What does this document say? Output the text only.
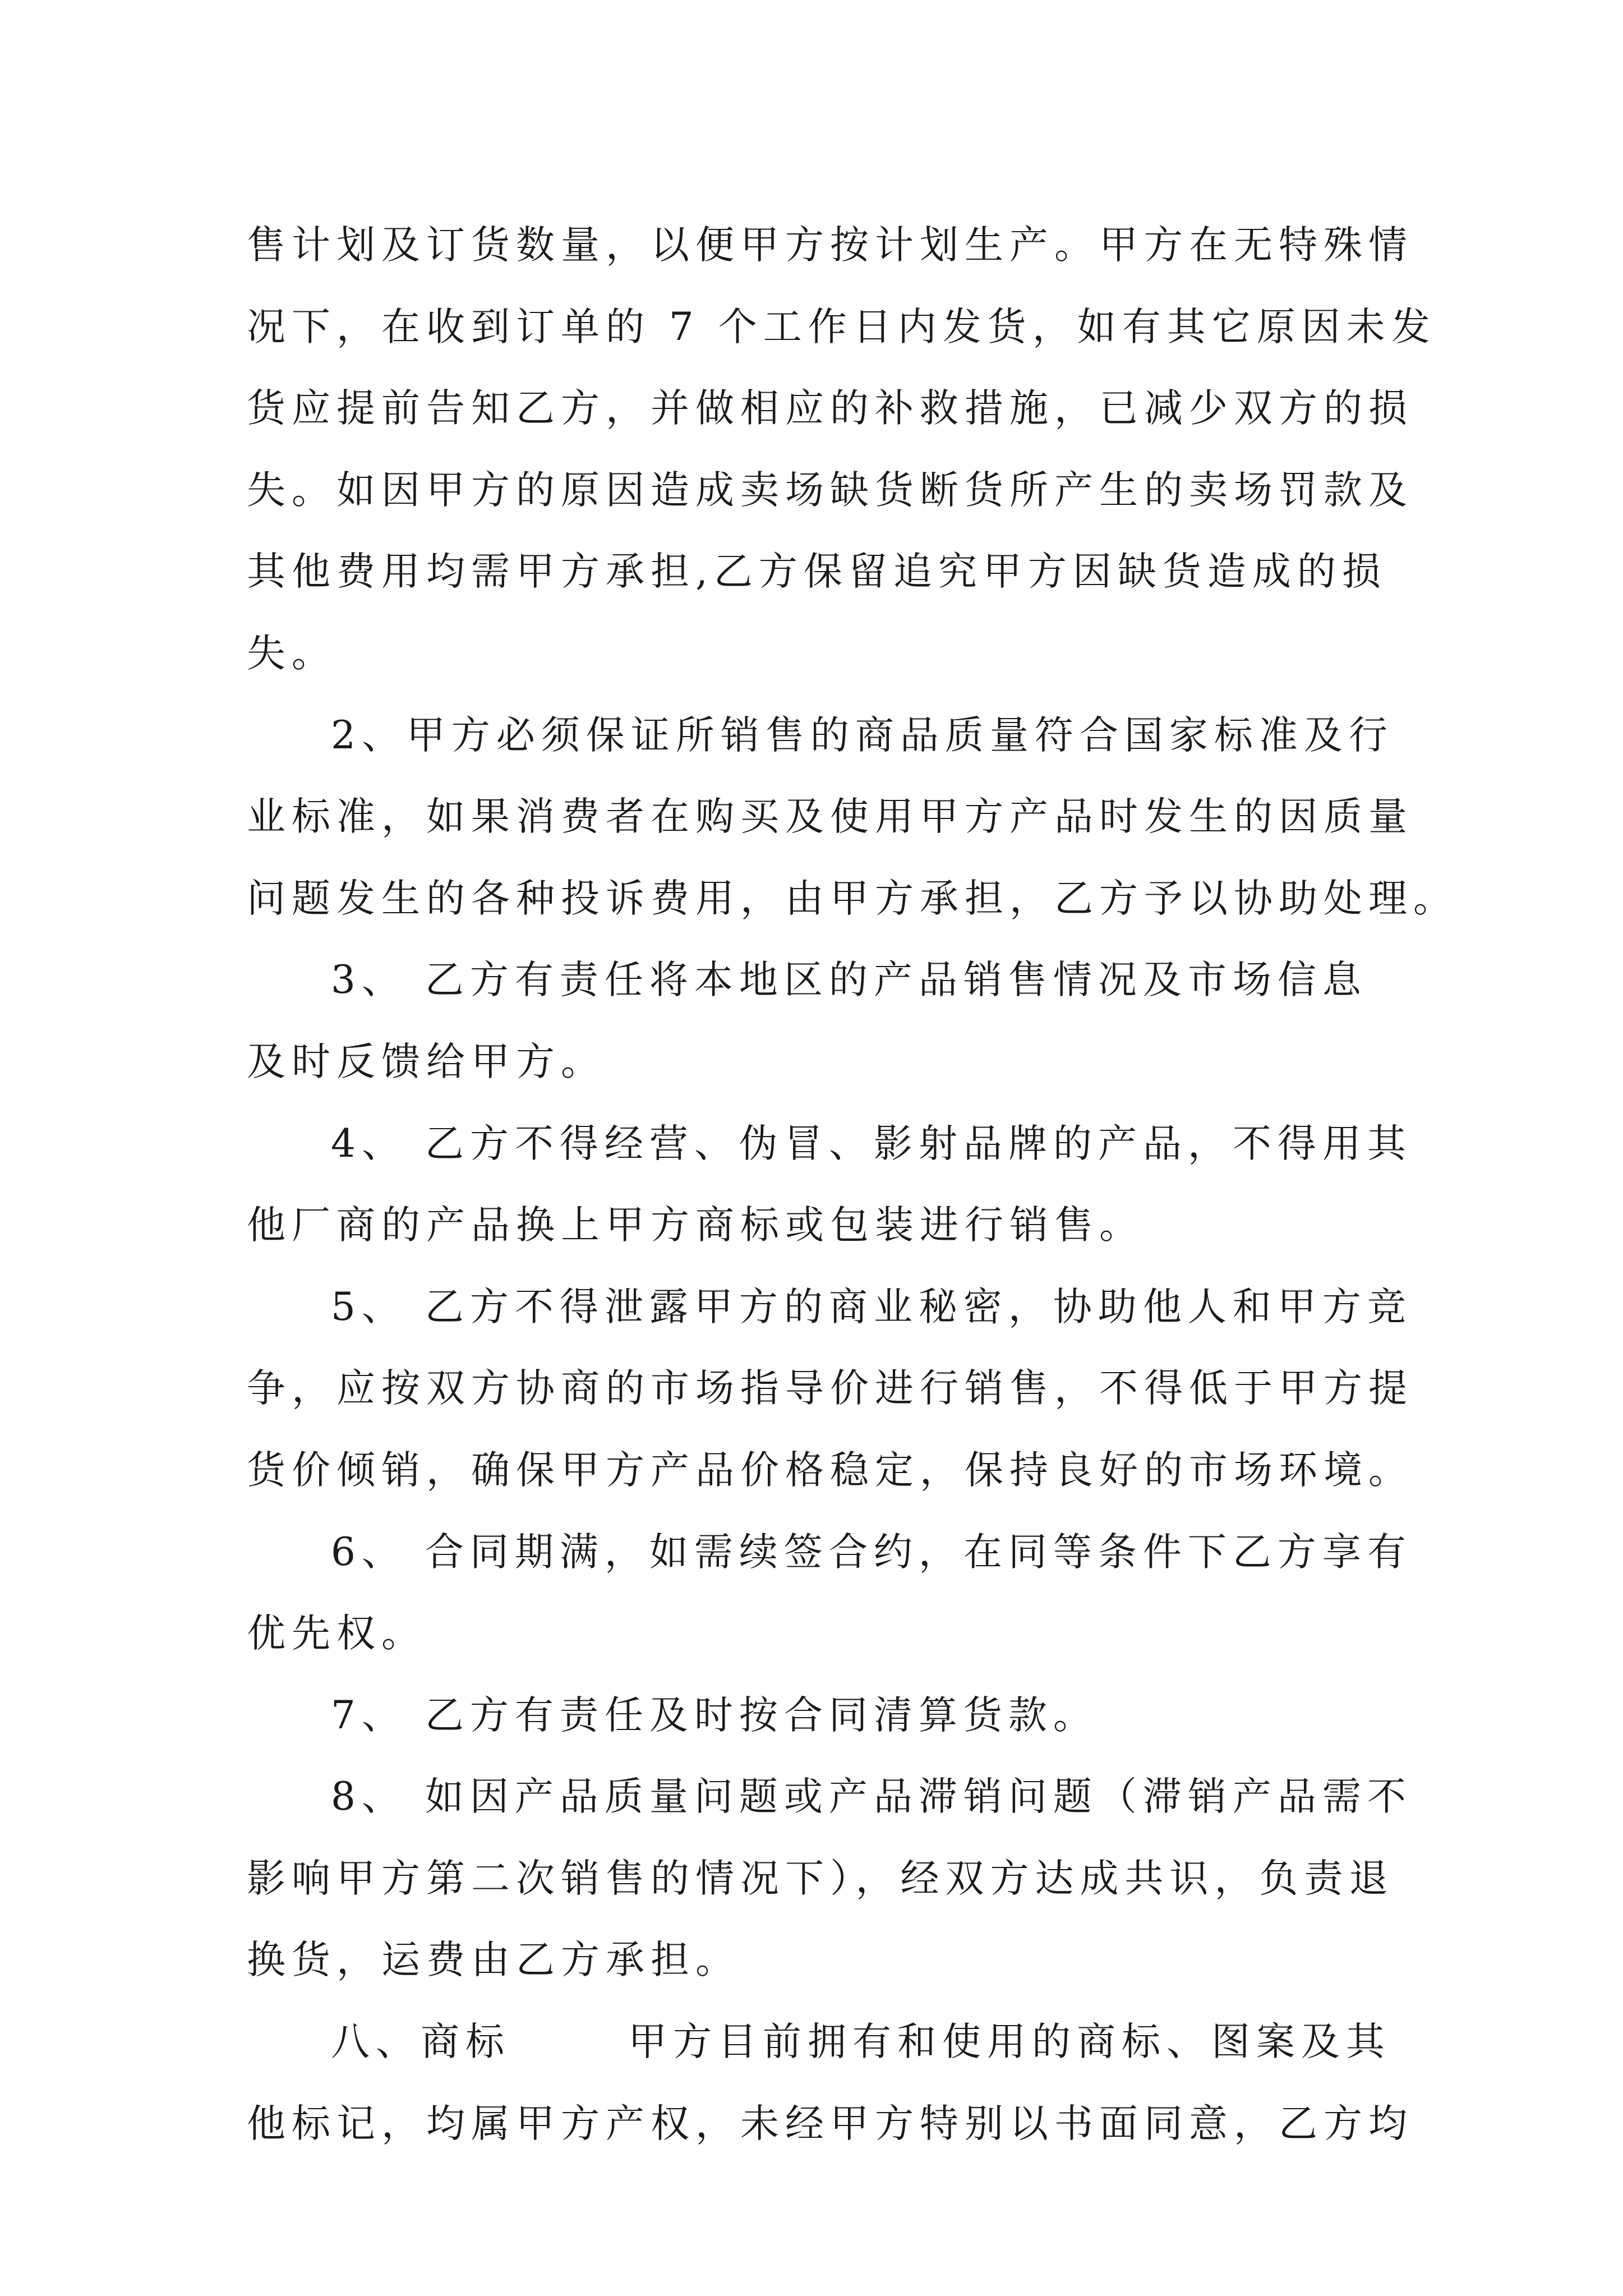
售计划及订货数量，以便甲方按计划生产。甲方在无特殊情
况下，在收到订单的 7 个工作日内发货，如有其它原因未发
货应提前告知乙方，并做相应的补救措施，已减少双方的损
失。如因甲方的原因造成卖场缺货断货所产生的卖场罚款及
其他费用均需甲方承担,乙方保留追究甲方因缺货造成的损
失。
2、甲方必须保证所销售的商品质量符合国家标准及行
业标准，如果消费者在购买及使用甲方产品时发生的因质量
问题发生的各种投诉费用，由甲方承担，乙方予以协助处理。
3、 乙方有责任将本地区的产品销售情况及市场信息
及时反馈给甲方。
4、 乙方不得经营、伪冒、影射品牌的产品，不得用其
他厂商的产品换上甲方商标或包装进行销售。
5、 乙方不得泄露甲方的商业秘密，协助他人和甲方竞
争，应按双方协商的市场指导价进行销售，不得低于甲方提
货价倾销，确保甲方产品价格稳定，保持良好的市场环境。
6、 合同期满，如需续签合约，在同等条件下乙方享有
优先权。
7、 乙方有责任及时按合同清算货款。
8、 如因产品质量问题或产品滞销问题（滞销产品需不
影响甲方第二次销售的情况下），经双方达成共识，负责退
换货，运费由乙方承担。
八、商标	甲方目前拥有和使用的商标、图案及其
他标记，均属甲方产权，未经甲方特别以书面同意，乙方均
